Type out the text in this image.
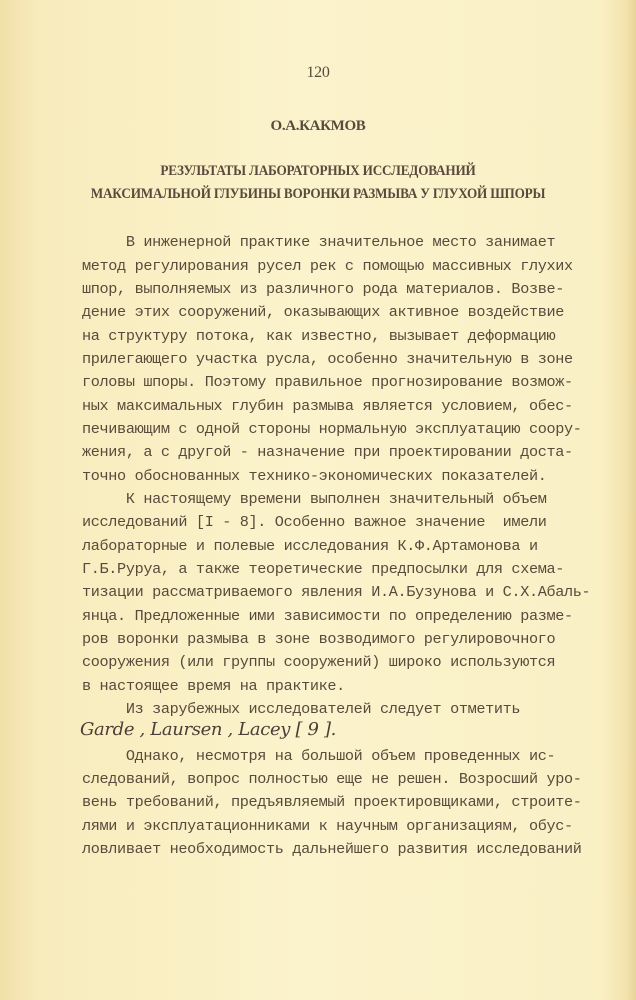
120
О.А.КАКМОВ
РЕЗУЛЬТАТЫ ЛАБОРАТОРНЫХ ИССЛЕДОВАНИЙ
МАКСИМАЛЬНОЙ ГЛУБИНЫ ВОРОНКИ РАЗМЫВА У ГЛУХОЙ ШПОРЫ
В инженерной практике значительное место занимает
метод регулирования русел рек с помощью массивных глухих
шпор, выполняемых из различного рода материалов. Возве-
дение этих сооружений, оказывающих активное воздействие
на структуру потока, как известно, вызывает деформацию
прилегающего участка русла, особенно значительную в зоне
головы шпоры. Поэтому правильное прогнозирование возмож-
ных максимальных глубин размыва является условием, обес-
печивающим с одной стороны нормальную эксплуатацию соору-
жения, а с другой - назначение при проектировании доста-
точно обоснованных технико-экономических показателей.
К настоящему времени выполнен значительный объем
исследований [I - 8]. Особенно важное значение  имели
лабораторные и полевые исследования К.Ф.Артамонова и
Г.Б.Руруа, а также теоретические предпосылки для схема-
тизации рассматриваемого явления И.А.Бузунова и С.Х.Абаль-
янца. Предложенные ими зависимости по определению разме-
ров воронки размыва в зоне возводимого регулировочного
сооружения (или группы сооружений) широко используются
в настоящее время на практике.
Из зарубежных исследователей следует отметить
Garde , Laursen , Lacey [ 9 ].
Однако, несмотря на большой объем проведенных ис-
следований, вопрос полностью еще не решен. Возросший уро-
вень требований, предъявляемый проектировщиками, строите-
лями и эксплуатационниками к научным организациям, обус-
ловливает необходимость дальнейшего развития исследований
